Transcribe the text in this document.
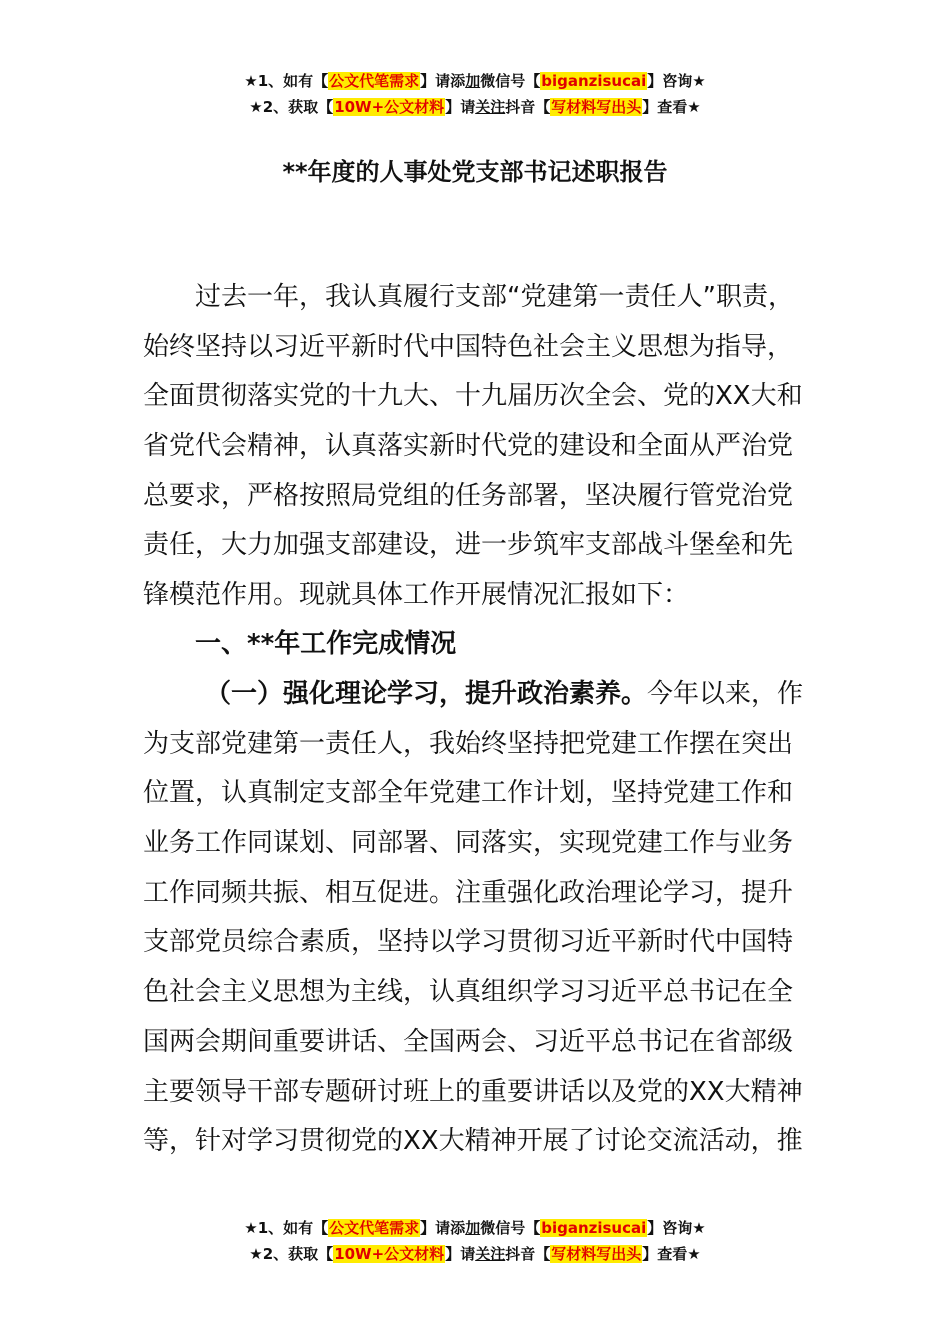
★1、如有【公文代笔需求】请添加微信号【biganzisucai】咨询★
★2、获取【10W+公文材料】请关注抖音【写材料写出头】查看★
**年度的人事处党支部书记述职报告
过去一年，我认真履行支部“党建第一责任人”职责，
始终坚持以习近平新时代中国特色社会主义思想为指导，
全面贯彻落实党的十九大、十九届历次全会、党的XX大和
省党代会精神，认真落实新时代党的建设和全面从严治党
总要求，严格按照局党组的任务部署，坚决履行管党治党
责任，大力加强支部建设，进一步筑牢支部战斗堡垒和先
锋模范作用。现就具体工作开展情况汇报如下：
一、**年工作完成情况
（一）强化理论学习，提升政治素养。今年以来，作
为支部党建第一责任人，我始终坚持把党建工作摆在突出
位置，认真制定支部全年党建工作计划，坚持党建工作和
业务工作同谋划、同部署、同落实，实现党建工作与业务
工作同频共振、相互促进。注重强化政治理论学习，提升
支部党员综合素质，坚持以学习贯彻习近平新时代中国特
色社会主义思想为主线，认真组织学习习近平总书记在全
国两会期间重要讲话、全国两会、习近平总书记在省部级
主要领导干部专题研讨班上的重要讲话以及党的XX大精神
等，针对学习贯彻党的XX大精神开展了讨论交流活动，推
★1、如有【公文代笔需求】请添加微信号【biganzisucai】咨询★
★2、获取【10W+公文材料】请关注抖音【写材料写出头】查看★
